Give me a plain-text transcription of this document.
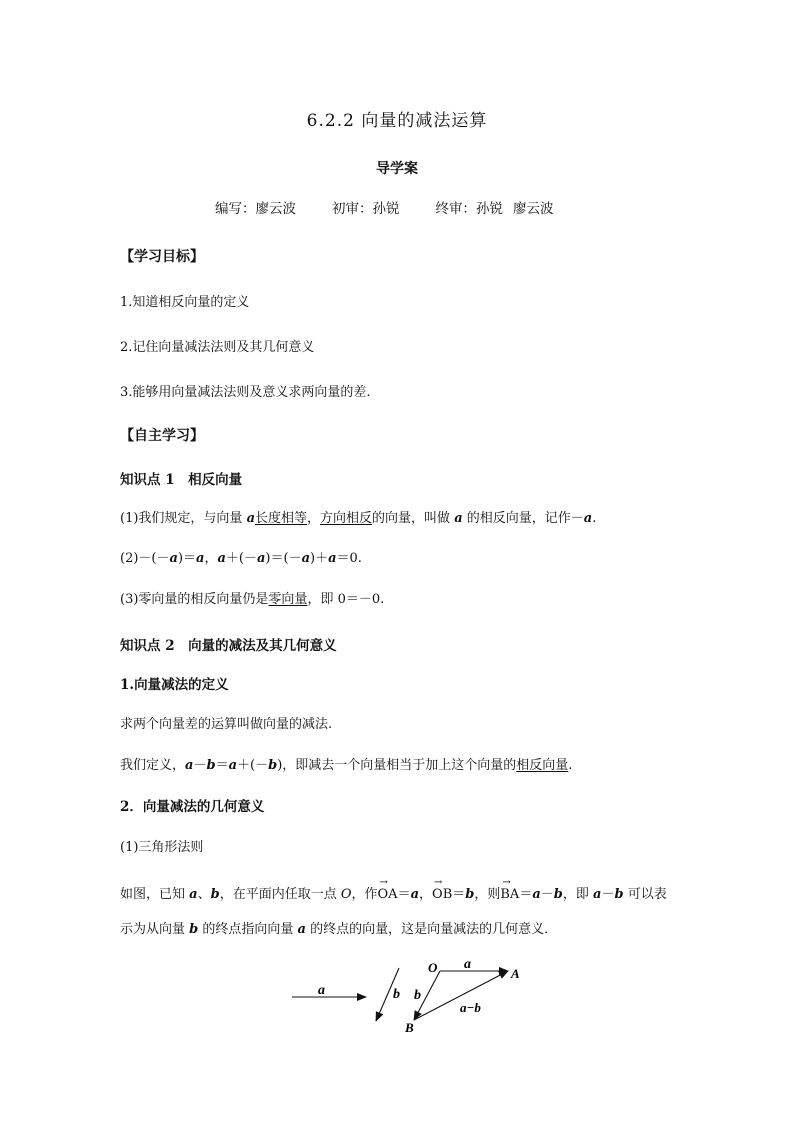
6.2.2 向量的减法运算
导学案
编写：廖云波	初审：孙锐	终审：孙锐 廖云波
【学习目标】
1.知道相反向量的定义
2.记住向量减法法则及其几何意义
3.能够用向量减法法则及意义求两向量的差.
【自主学习】
知识点 1　相反向量
(1)我们规定，与向量 a长度相等，方向相反的向量，叫做 a 的相反向量，记作－a.
(2)－(－a)＝a，a＋(－a)＝(－a)＋a＝0.
(3)零向量的相反向量仍是零向量，即 0＝－0.
知识点 2　向量的减法及其几何意义
1.向量减法的定义
求两个向量差的运算叫做向量的减法.
我们定义，a－b＝a＋(－b)，即减去一个向量相当于加上这个向量的相反向量.
2．向量减法的几何意义
(1)三角形法则
如图，已知 a、b，在平面内任取一点 O，作→ OA＝a，→ OB＝b，则→ BA＝a－b，即 a－b 可以表
示为从向量 b 的终点指向向量 a 的终点的向量，这是向量减法的几何意义．
a	b
O	A
B
a
b
a−b
